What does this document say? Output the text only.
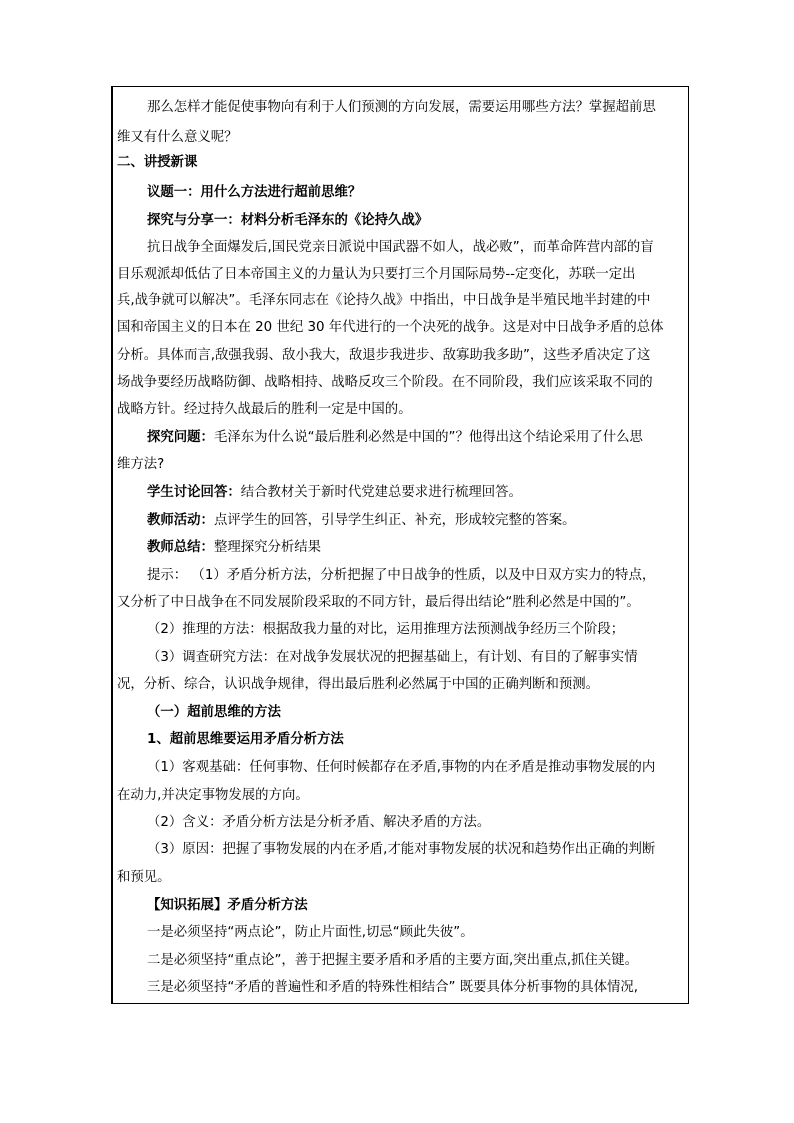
那么怎样才能促使事物向有利于人们预测的方向发展，需要运用哪些方法？掌握超前思
维又有什么意义呢？
二、讲授新课
议题一：用什么方法进行超前思维？
探究与分享一：材料分析毛泽东的《论持久战》
抗日战争全面爆发后,国民党亲日派说中国武器不如人，战必败”，而革命阵营内部的盲
目乐观派却低估了日本帝国主义的力量认为只要打三个月国际局势--定变化，苏联一定出
兵,战争就可以解决”。毛泽东同志在《论持久战》中指出，中日战争是半殖民地半封建的中
国和帝国主义的日本在 20 世纪 30 年代进行的一个决死的战争。这是对中日战争矛盾的总体
分析。具体而言,敌强我弱、敌小我大，敌退步我进步、敌寡助我多助”，这些矛盾决定了这
场战争要经历战略防御、战略相持、战略反攻三个阶段。在不同阶段，我们应该采取不同的
战略方针。经过持久战最后的胜利一定是中国的。
探究问题：毛泽东为什么说“最后胜利必然是中国的”？他得出这个结论采用了什么思
维方法?
学生讨论回答：结合教材关于新时代党建总要求进行梳理回答。
教师活动：点评学生的回答，引导学生纠正、补充，形成较完整的答案。
教师总结：整理探究分析结果
提示： （1）矛盾分析方法，分析把握了中日战争的性质，以及中日双方实力的特点，
又分析了中日战争在不同发展阶段采取的不同方针，最后得出结论“胜利必然是中国的”。
（2）推理的方法：根据敌我力量的对比，运用推理方法预测战争经历三个阶段；
（3）调查研究方法：在对战争发展状况的把握基础上，有计划、有目的了解事实情
况，分析、综合，认识战争规律，得出最后胜利必然属于中国的正确判断和预测。
（一）超前思维的方法
1、超前思维要运用矛盾分析方法
（1）客观基础：任何事物、任何时候都存在矛盾,事物的内在矛盾是推动事物发展的内
在动力,并决定事物发展的方向。
（2）含义：矛盾分析方法是分析矛盾、解决矛盾的方法。
（3）原因：把握了事物发展的内在矛盾,才能对事物发展的状况和趋势作出正确的判断
和预见。
【知识拓展】矛盾分析方法
一是必须坚持“两点论”，防止片面性,切忌“顾此失彼”。
二是必须坚持“重点论”，善于把握主要矛盾和矛盾的主要方面,突出重点,抓住关键。
三是必须坚持“矛盾的普遍性和矛盾的特殊性相结合” 既要具体分析事物的具体情况,
